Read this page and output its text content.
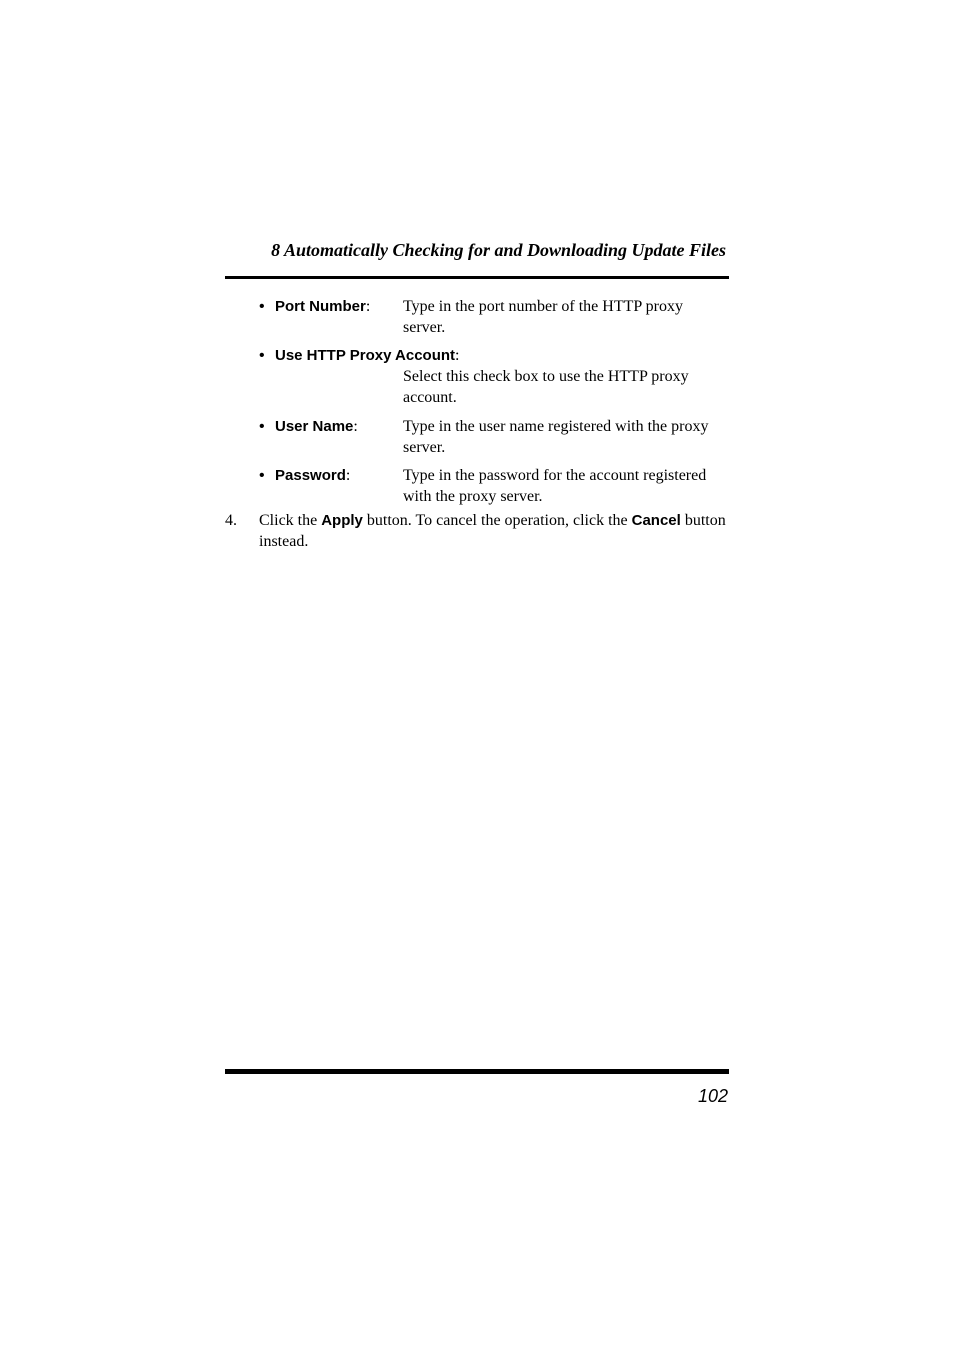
8 Automatically Checking for and Downloading Update Files
• Port Number: Type in the port number of the HTTP proxy server.
• Use HTTP Proxy Account:
Select this check box to use the HTTP proxy account.
• User Name:	Type in the user name registered with the proxy server.
• Password:	Type in the password for the account registered with the proxy server.
4. Click the Apply button. To cancel the operation, click the Cancel button instead.
102
